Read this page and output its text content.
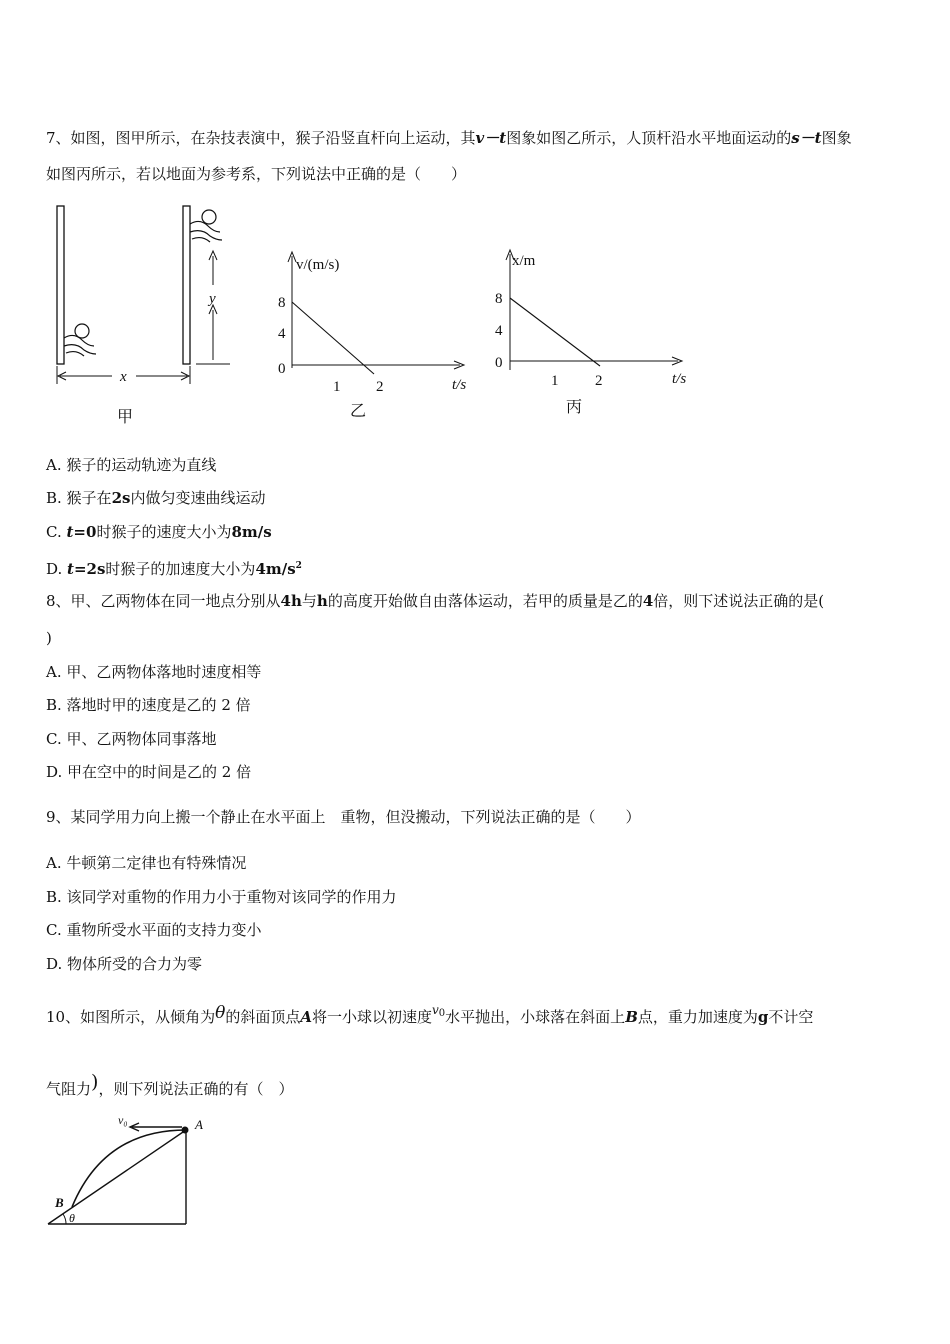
7、如图，图甲所示，在杂技表演中，猴子沿竖直杆向上运动，其v－t图象如图乙所示，人顶杆沿水平地面运动的s－t图象
如图丙所示，若以地面为参考系，下列说法中正确的是（　　）
y
x
甲
v/(m/s)
8
4
0
1 2	t/s
乙
x/m
8
4
0
1 2	t/s
丙
A. 猴子的运动轨迹为直线
B. 猴子在2s内做匀变速曲线运动
C. t=0时猴子的速度大小为8m/s
D. t=2s时猴子的加速度大小为$4m/s^2$
8、甲、乙两物体在同一地点分别从4h与h的高度开始做自由落体运动，若甲的质量是乙的4倍，则下述说法正确的是(
)
A. 甲、乙两物体落地时速度相等
B. 落地时甲的速度是乙的 2 倍
C. 甲、乙两物体同事落地
D. 甲在空中的时间是乙的 2 倍
9、某同学用力向上搬一个静止在水平面上　重物，但没搬动，下列说法正确的是（　　）
A. 牛顿第二定律也有特殊情况
B. 该同学对重物的作用力小于重物对该同学的作用力
C. 重物所受水平面的支持力变小
D. 物体所受的合力为零
10、如图所示，从倾角为θ的斜面顶点A将一小球以初速度$^{v0}$水平抛出，小球落在斜面上B点，重力加速度为g不计空
气阻力)，则下列说法正确的有（　）
v₀	A
B
θ
